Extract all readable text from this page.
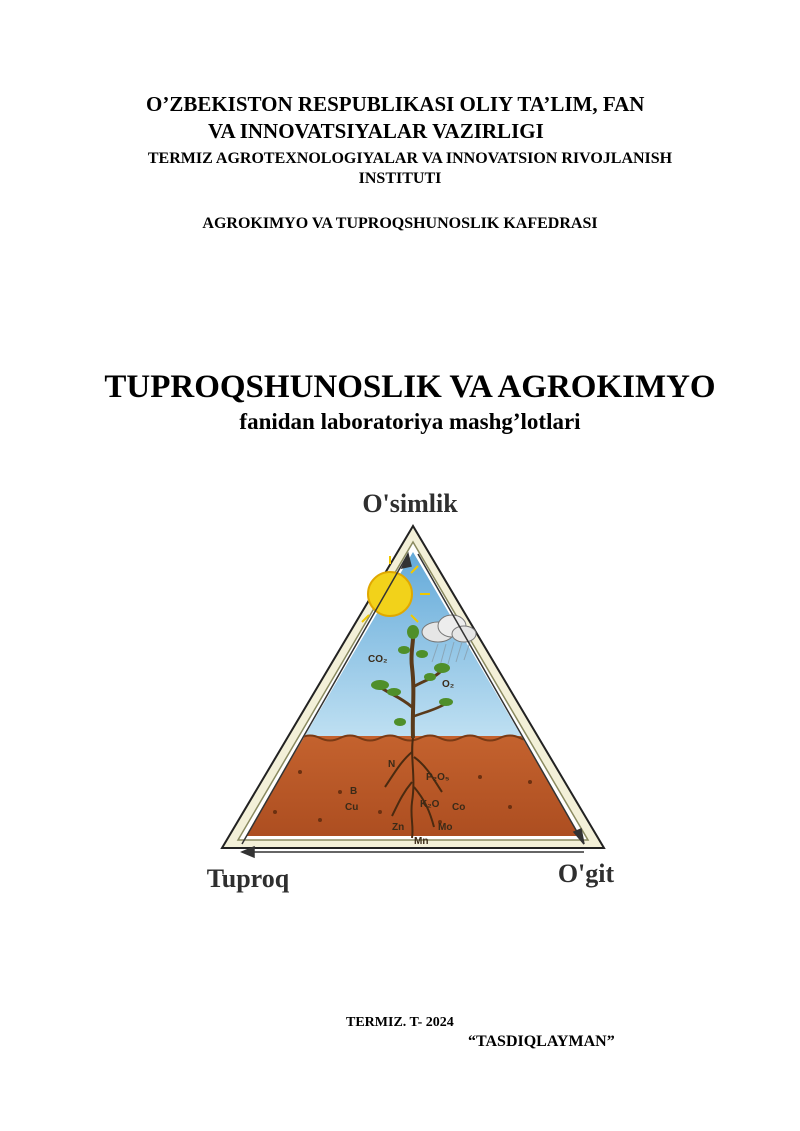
O’ZBEKISTON RESPUBLIKASI OLIY TA’LIM, FAN
VA INNOVATSIYALAR VAZIRLIGI
TERMIZ AGROTEXNOLOGIYALAR VA INNOVATSION RIVOJLANISH
INSTITUTI
AGROKIMYO VA TUPROQSHUNOSLIK KAFEDRASI
TUPROQSHUNOSLIK VA AGROKIMYO
fanidan laboratoriya mashg’lotlari
CO₂
O₂
N
P₂O₅
B
Cu	K₂O Co
Zn	Mo
Mn
O'simlik
Tuproq	O'git
TERMIZ. T- 2024
“TASDIQLAYMAN”
